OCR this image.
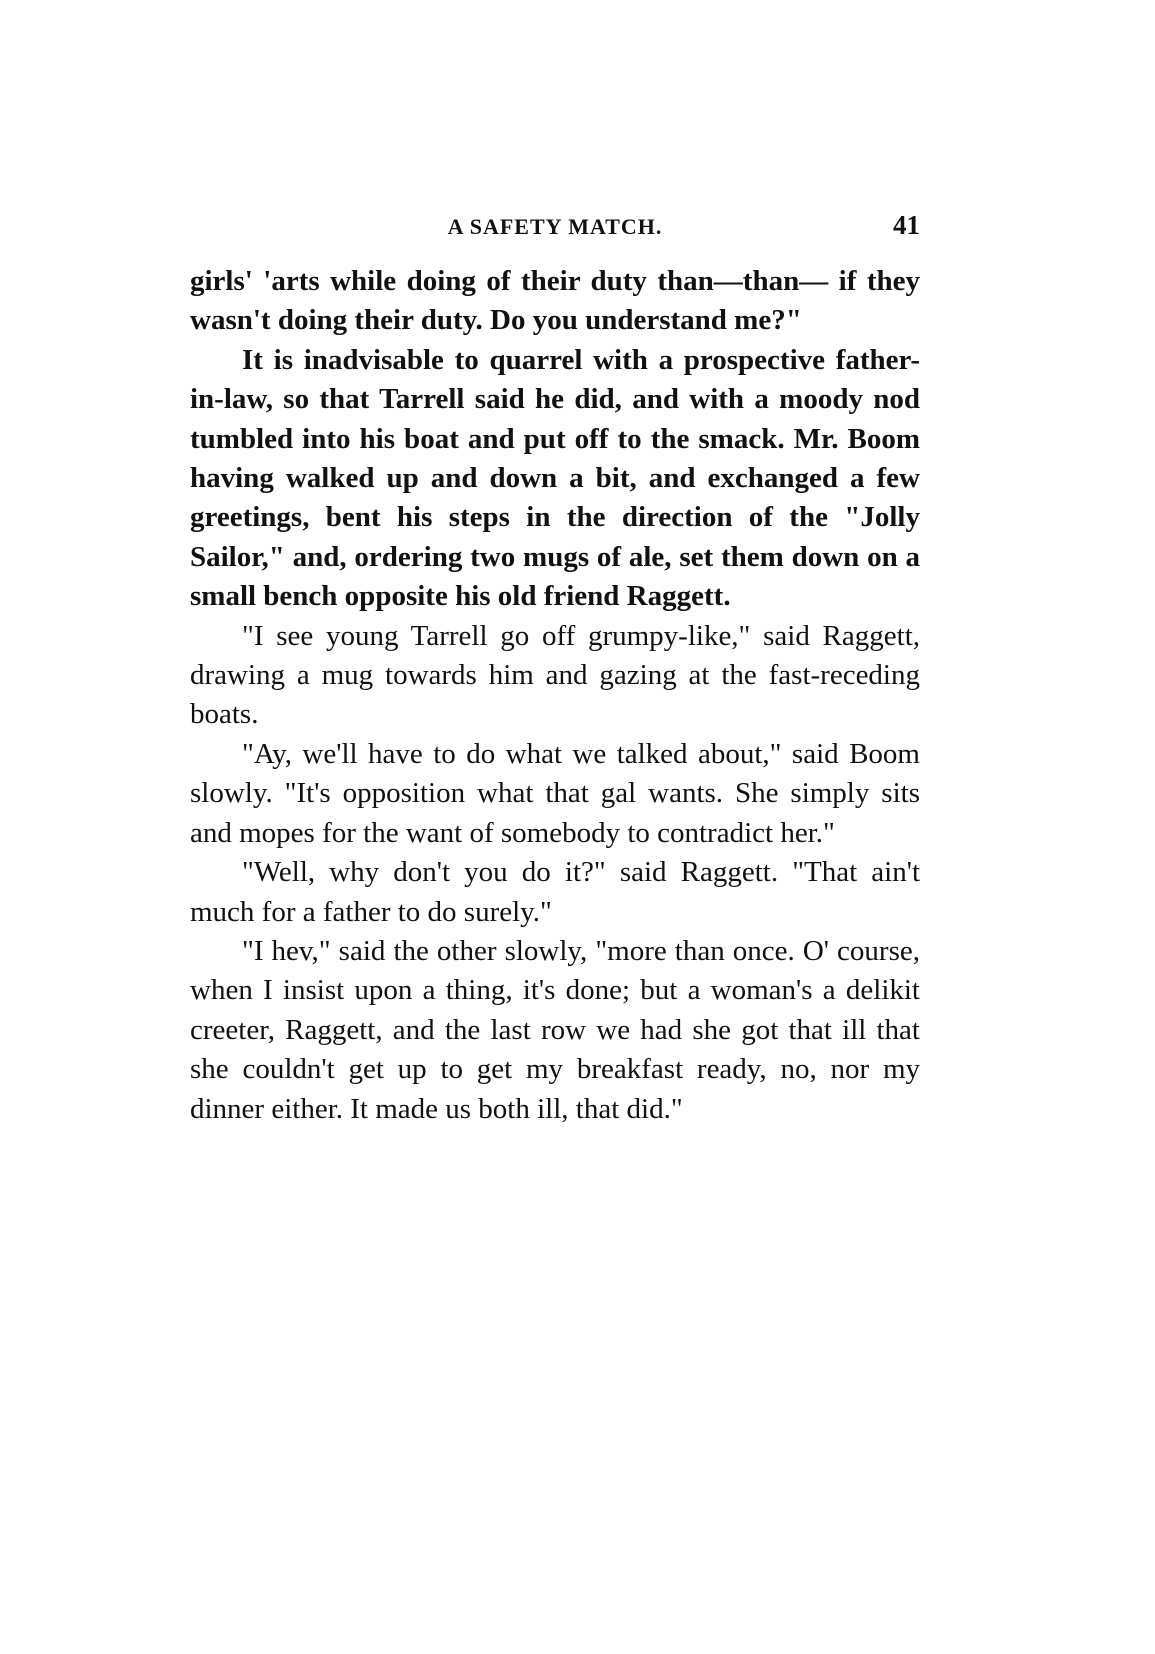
A SAFETY MATCH.	41

girls' 'arts while doing of their duty than—than— if they wasn't doing their duty. Do you understand me?"

It is inadvisable to quarrel with a prospective father-in-law, so that Tarrell said he did, and with a moody nod tumbled into his boat and put off to the smack. Mr. Boom having walked up and down a bit, and exchanged a few greetings, bent his steps in the direction of the "Jolly Sailor," and, ordering two mugs of ale, set them down on a small bench opposite his old friend Raggett.

"I see young Tarrell go off grumpy-like," said Raggett, drawing a mug towards him and gazing at the fast-receding boats.

"Ay, we'll have to do what we talked about," said Boom slowly. "It's opposition what that gal wants. She simply sits and mopes for the want of somebody to contradict her."

"Well, why don't you do it?" said Raggett. "That ain't much for a father to do surely."

"I hev," said the other slowly, "more than once. O' course, when I insist upon a thing, it's done; but a woman's a delikit creeter, Raggett, and the last row we had she got that ill that she couldn't get up to get my breakfast ready, no, nor my dinner either. It made us both ill, that did."
